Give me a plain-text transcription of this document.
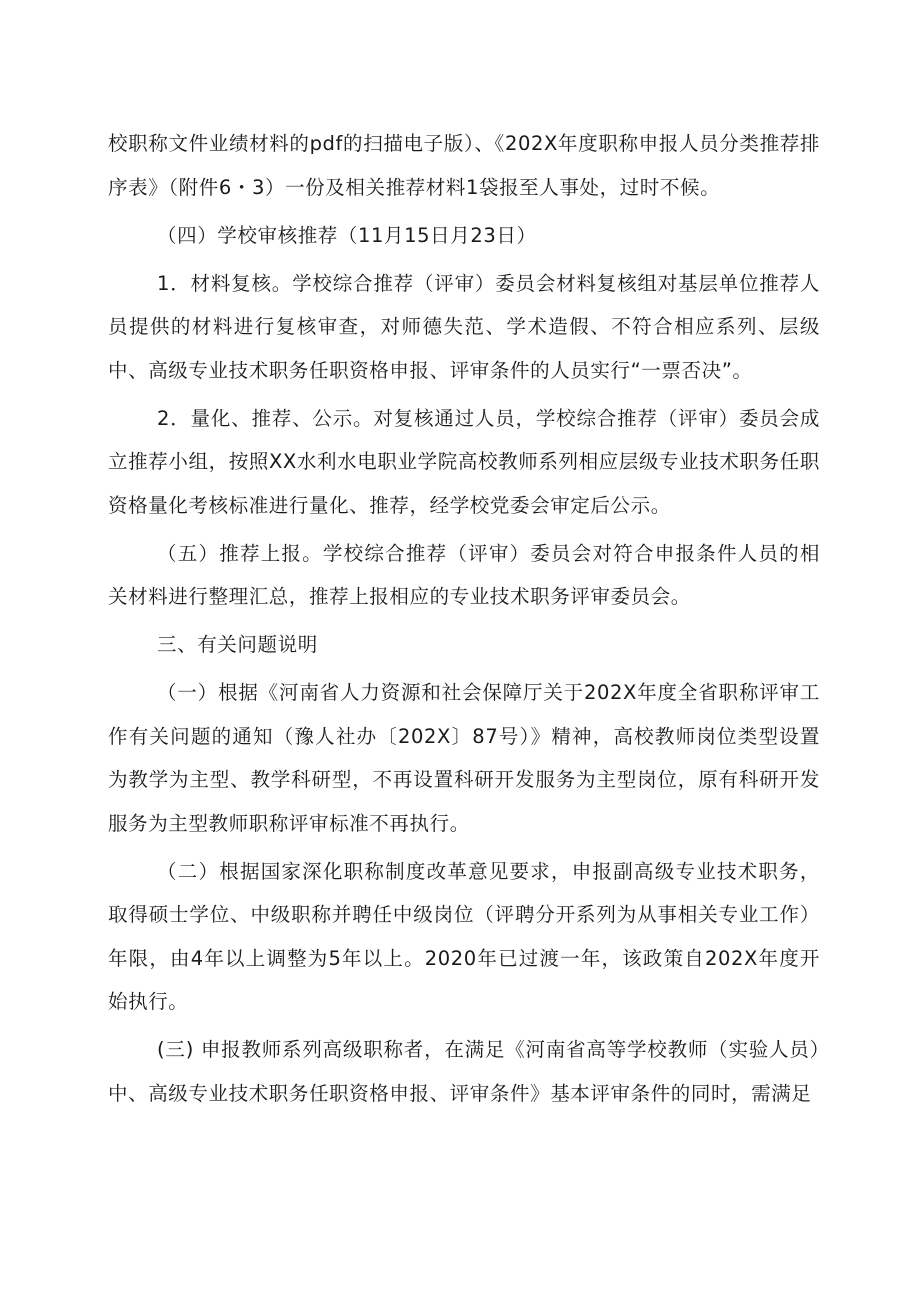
校职称文件业绩材料的pdf的扫描电子版）、《202X年度职称申报人员分类推荐排序表》（附件6・3）一份及相关推荐材料1袋报至人事处，过时不候。

（四）学校审核推荐（11月15日月23日）

1．材料复核。学校综合推荐（评审）委员会材料复核组对基层单位推荐人员提供的材料进行复核审查，对师德失范、学术造假、不符合相应系列、层级中、高级专业技术职务任职资格申报、评审条件的人员实行“一票否决”。

2．量化、推荐、公示。对复核通过人员，学校综合推荐（评审）委员会成立推荐小组，按照XX水利水电职业学院高校教师系列相应层级专业技术职务任职资格量化考核标准进行量化、推荐，经学校党委会审定后公示。

（五）推荐上报。学校综合推荐（评审）委员会对符合申报条件人员的相关材料进行整理汇总，推荐上报相应的专业技术职务评审委员会。

三、有关问题说明

（一）根据《河南省人力资源和社会保障厅关于202X年度全省职称评审工作有关问题的通知（豫人社办〔202X〕87号）》精神，高校教师岗位类型设置为教学为主型、教学科研型，不再设置科研开发服务为主型岗位，原有科研开发服务为主型教师职称评审标准不再执行。

（二）根据国家深化职称制度改革意见要求，申报副高级专业技术职务，取得硕士学位、中级职称并聘任中级岗位（评聘分开系列为从事相关专业工作）年限，由4年以上调整为5年以上。2020年已过渡一年，该政策自202X年度开始执行。

(三) 申报教师系列高级职称者，在满足《河南省高等学校教师（实验人员）中、高级专业技术职务任职资格申报、评审条件》基本评审条件的同时，需满足
